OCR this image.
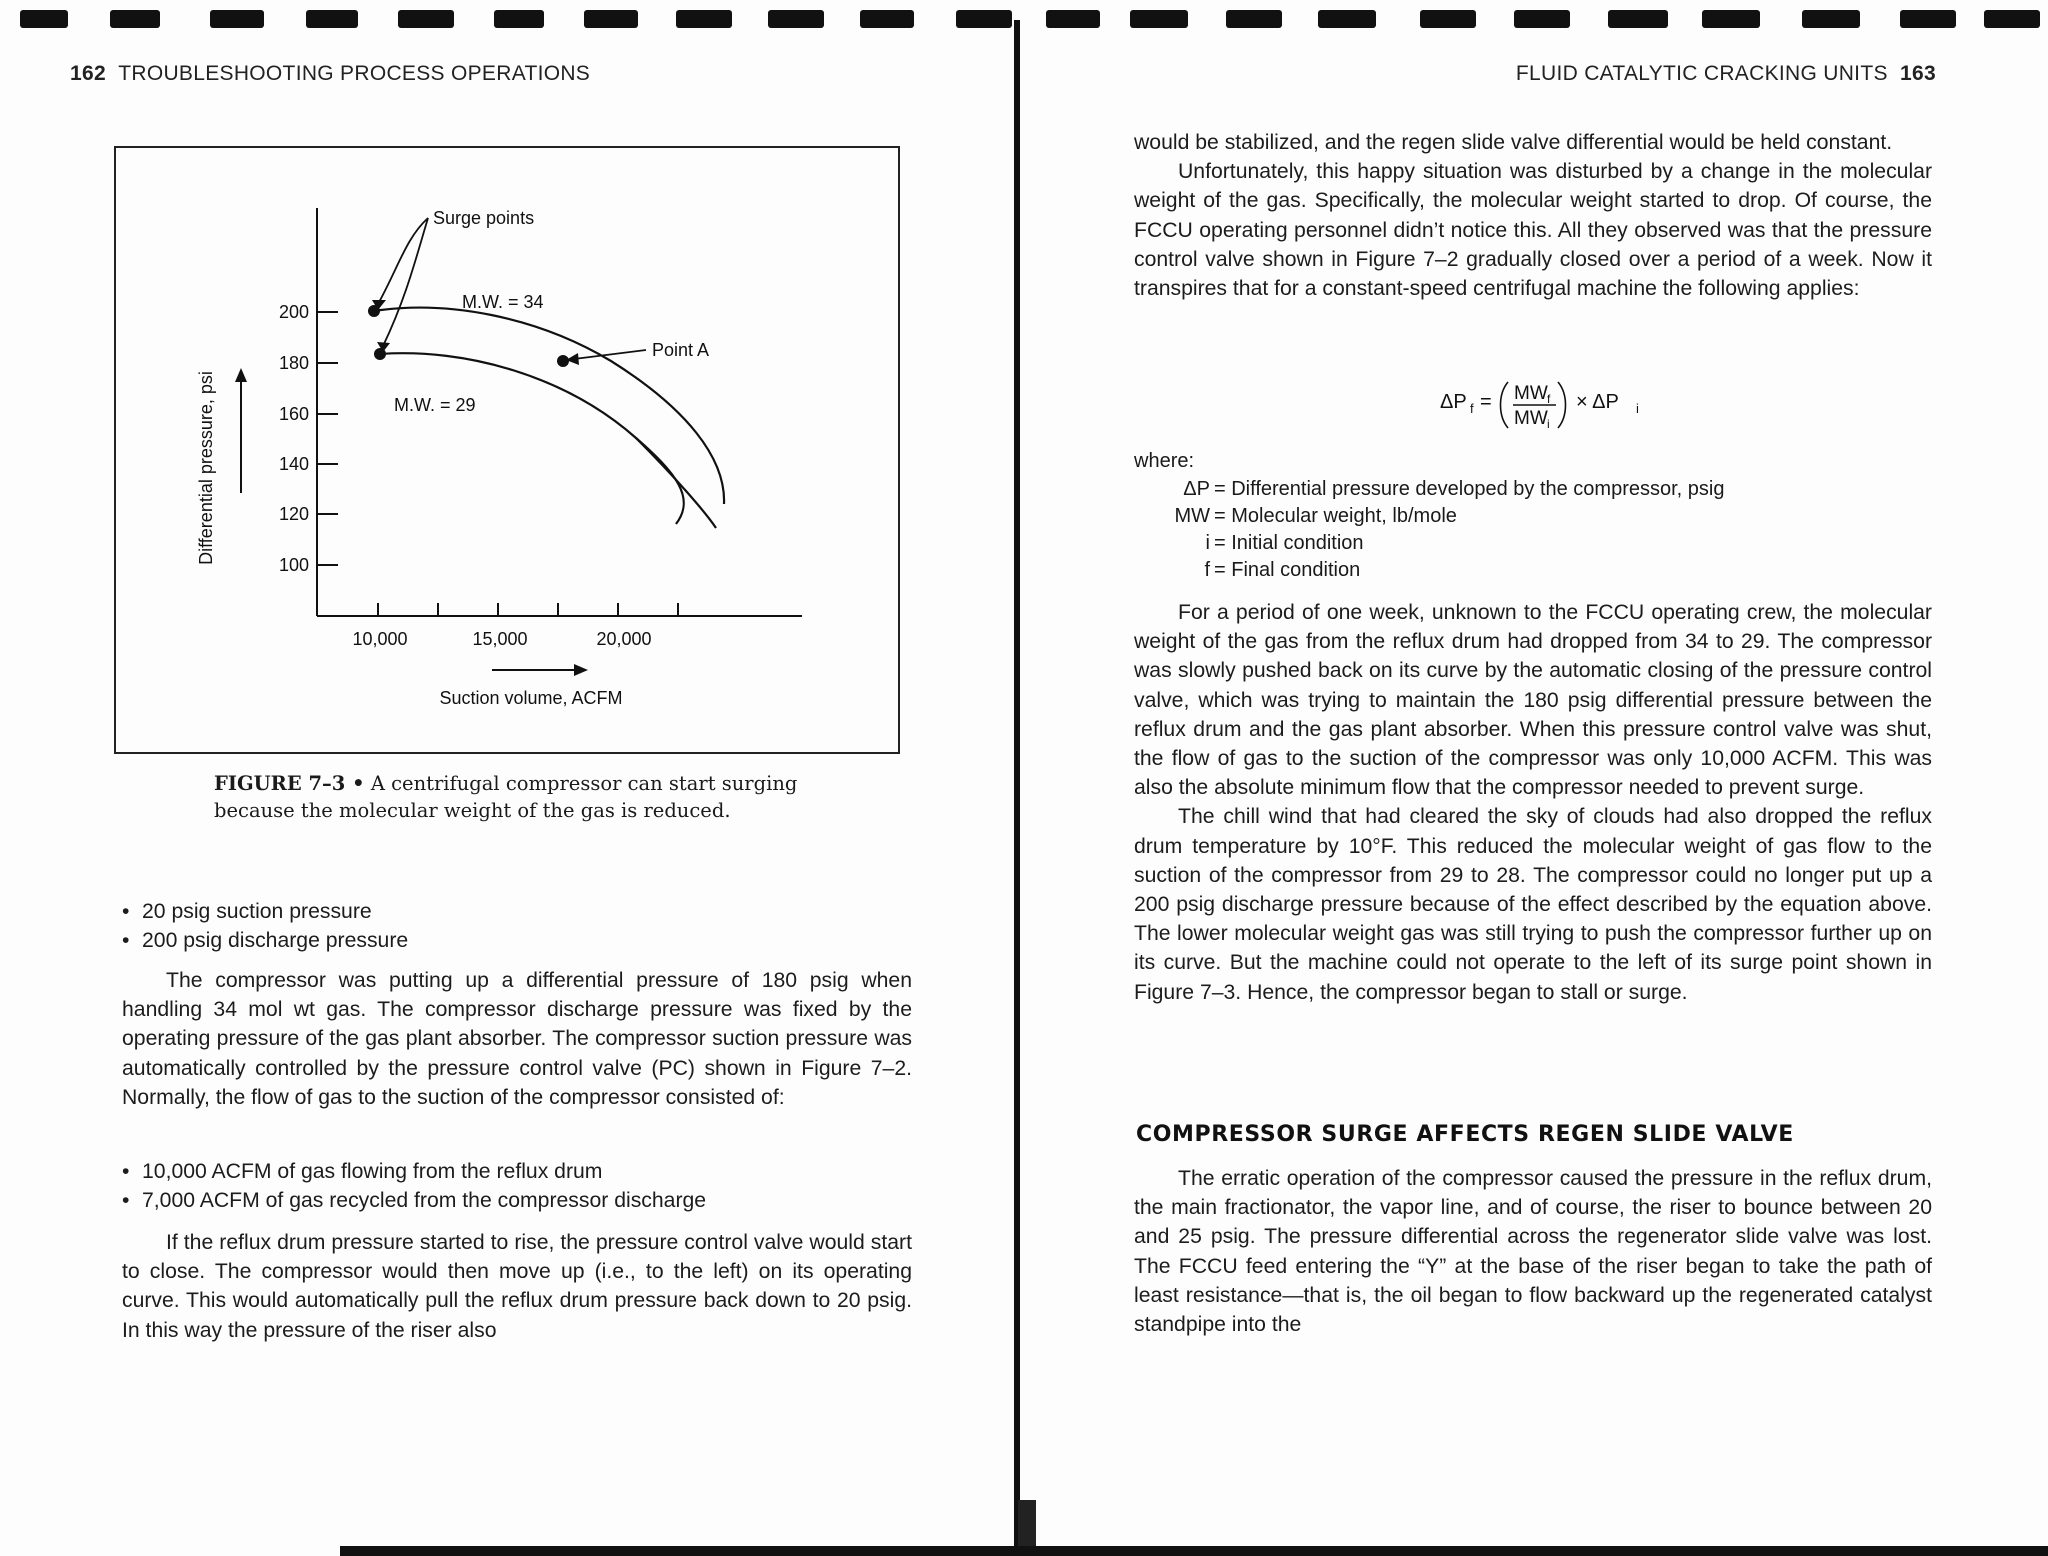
162 TROUBLESHOOTING PROCESS OPERATIONS
200
180
160
140
120
100
10,000	15,000	20,000
Differential pressure, psi
Suction volume, ACFM
Surge points
M.W. = 34
M.W. = 29
Point A
FIGURE 7–3 • A centrifugal compressor can start surging because the molecular weight of the gas is reduced.
• 20 psig suction pressure
• 200 psig discharge pressure

The compressor was putting up a differential pressure of 180 psig when handling 34 mol wt gas. The compressor discharge pressure was fixed by the operating pressure of the gas plant absorber. The compressor suction pressure was automatically controlled by the pressure control valve (PC) shown in Figure 7–2. Normally, the flow of gas to the suction of the compressor consisted of:

• 10,000 ACFM of gas flowing from the reflux drum
• 7,000 ACFM of gas recycled from the compressor discharge

If the reflux drum pressure started to rise, the pressure control valve would start to close. The compressor would then move up (i.e., to the left) on its operating curve. This would automatically pull the reflux drum pressure back down to 20 psig. In this way the pressure of the riser also

FLUID CATALYTIC CRACKING UNITS 163

would be stabilized, and the regen slide valve differential would be held constant.

Unfortunately, this happy situation was disturbed by a change in the molecular weight of the gas. Specifically, the molecular weight started to drop. Of course, the FCCU operating personnel didn’t notice this. All they observed was that the pressure control valve shown in Figure 7–2 gradually closed over a period of a week. Now it transpires that for a constant-speed centrifugal machine the following applies:

ΔP f = MW f
MW i
× ΔP i
where:
ΔP
MW
i
f
= Differential pressure developed by the compressor, psig
= Molecular weight, lb/mole
= Initial condition
= Final condition

For a period of one week, unknown to the FCCU operating crew, the molecular weight of the gas from the reflux drum had dropped from 34 to 29. The compressor was slowly pushed back on its curve by the automatic closing of the pressure control valve, which was trying to maintain the 180 psig differential pressure between the reflux drum and the gas plant absorber. When this pressure control valve was shut, the flow of gas to the suction of the compressor was only 10,000 ACFM. This was also the absolute minimum flow that the compressor needed to prevent surge.

The chill wind that had cleared the sky of clouds had also dropped the reflux drum temperature by 10°F. This reduced the molecular weight of gas flow to the suction of the compressor from 29 to 28. The compressor could no longer put up a 200 psig discharge pressure because of the effect described by the equation above. The lower molecular weight gas was still trying to push the compressor further up on its curve. But the machine could not operate to the left of its surge point shown in Figure 7–3. Hence, the compressor began to stall or surge.

COMPRESSOR SURGE AFFECTS REGEN SLIDE VALVE

The erratic operation of the compressor caused the pressure in the reflux drum, the main fractionator, the vapor line, and of course, the riser to bounce between 20 and 25 psig. The pressure differential across the regenerator slide valve was lost. The FCCU feed entering the “Y” at the base of the riser began to take the path of least resistance—that is, the oil began to flow backward up the regenerated catalyst standpipe into the
